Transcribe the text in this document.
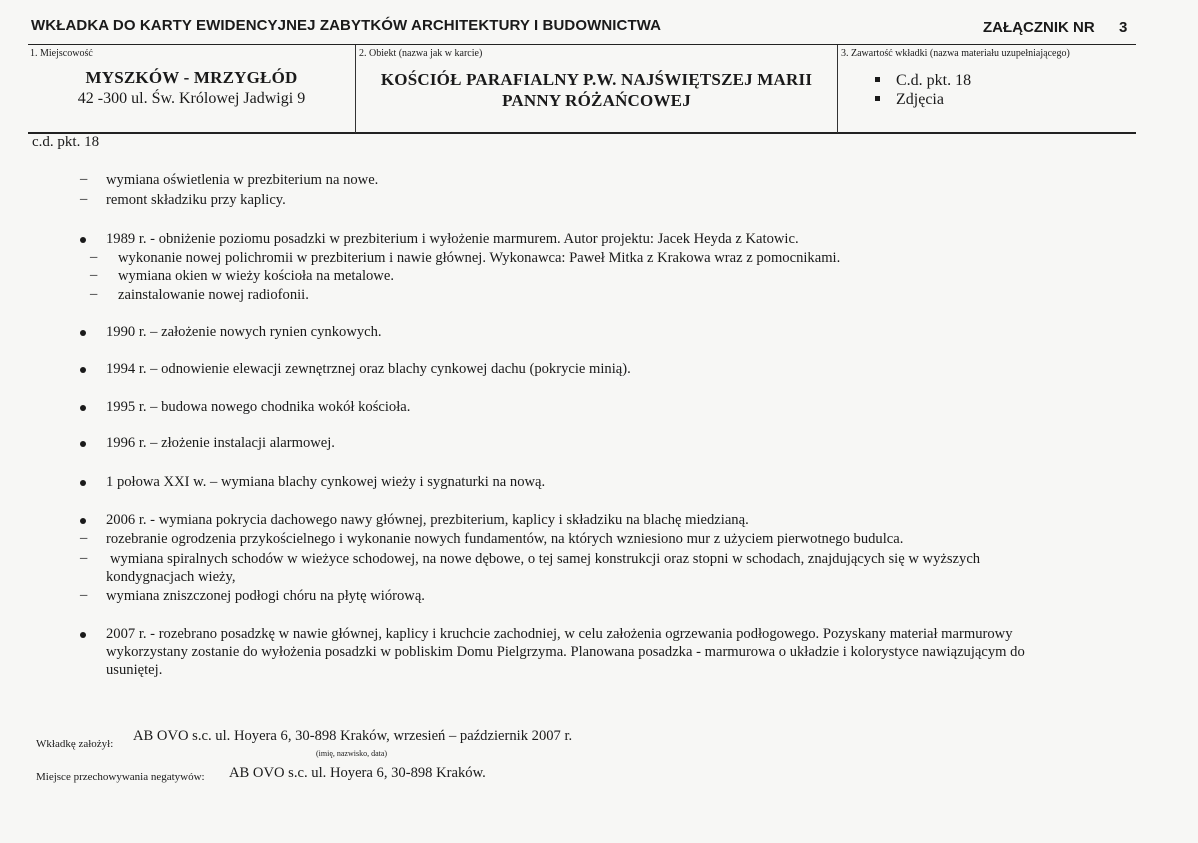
WKŁADKA DO KARTY EWIDENCYJNEJ ZABYTKÓW ARCHITEKTURY I BUDOWNICTWA	ZAŁĄCZNIK NR 3
1. Miejscowość
MYSZKÓW - MRZYGŁÓD
42 -300 ul. Św. Królowej Jadwigi 9
2. Obiekt (nazwa jak w karcie)
KOŚCIÓŁ PARAFIALNY P.W. NAJŚWIĘTSZEJ MARII
PANNY RÓŻAŃCOWEJ
3. Zawartość wkładki (nazwa materiału uzupełniającego)
C.d. pkt. 18
Zdjęcia
c.d. pkt. 18
– wymiana oświetlenia w prezbiterium na nowe.
– remont składziku przy kaplicy.
1989 r. - obniżenie poziomu posadzki w prezbiterium i wyłożenie marmurem. Autor projektu: Jacek Heyda z Katowic.
– wykonanie nowej polichromii w prezbiterium i nawie głównej. Wykonawca: Paweł Mitka z Krakowa wraz z pomocnikami.
– wymiana okien w wieży kościoła na metalowe.
– zainstalowanie nowej radiofonii.
1990 r. – założenie nowych rynien cynkowych.
1994 r. – odnowienie elewacji zewnętrznej oraz blachy cynkowej dachu (pokrycie minią).
1995 r. – budowa nowego chodnika wokół kościoła.
1996 r. – złożenie instalacji alarmowej.
1 połowa XXI w. – wymiana blachy cynkowej wieży i sygnaturki na nową.
2006 r. - wymiana pokrycia dachowego nawy głównej, prezbiterium, kaplicy i składziku na blachę miedzianą.
– rozebranie ogrodzenia przykościelnego i wykonanie nowych fundamentów, na których wzniesiono mur z użyciem pierwotnego budulca.
– wymiana spiralnych schodów w wieżyce schodowej, na nowe dębowe, o tej samej konstrukcji oraz stopni w schodach, znajdujących się w wyższych
kondygnacjach wieży,
– wymiana zniszczonej podłogi chóru na płytę wiórową.
2007 r. - rozebrano posadzkę w nawie głównej, kaplicy i kruchcie zachodniej, w celu założenia ogrzewania podłogowego. Pozyskany materiał marmurowy
wykorzystany zostanie do wyłożenia posadzki w pobliskim Domu Pielgrzyma. Planowana posadzka - marmurowa o układzie i kolorystyce nawiązującym do
usuniętej.
Wkładkę założył: AB OVO s.c. ul. Hoyera 6, 30-898 Kraków, wrzesień – październik 2007 r.
(imię, nazwisko, data)
Miejsce przechowywania negatywów: AB OVO s.c. ul. Hoyera 6, 30-898 Kraków.
